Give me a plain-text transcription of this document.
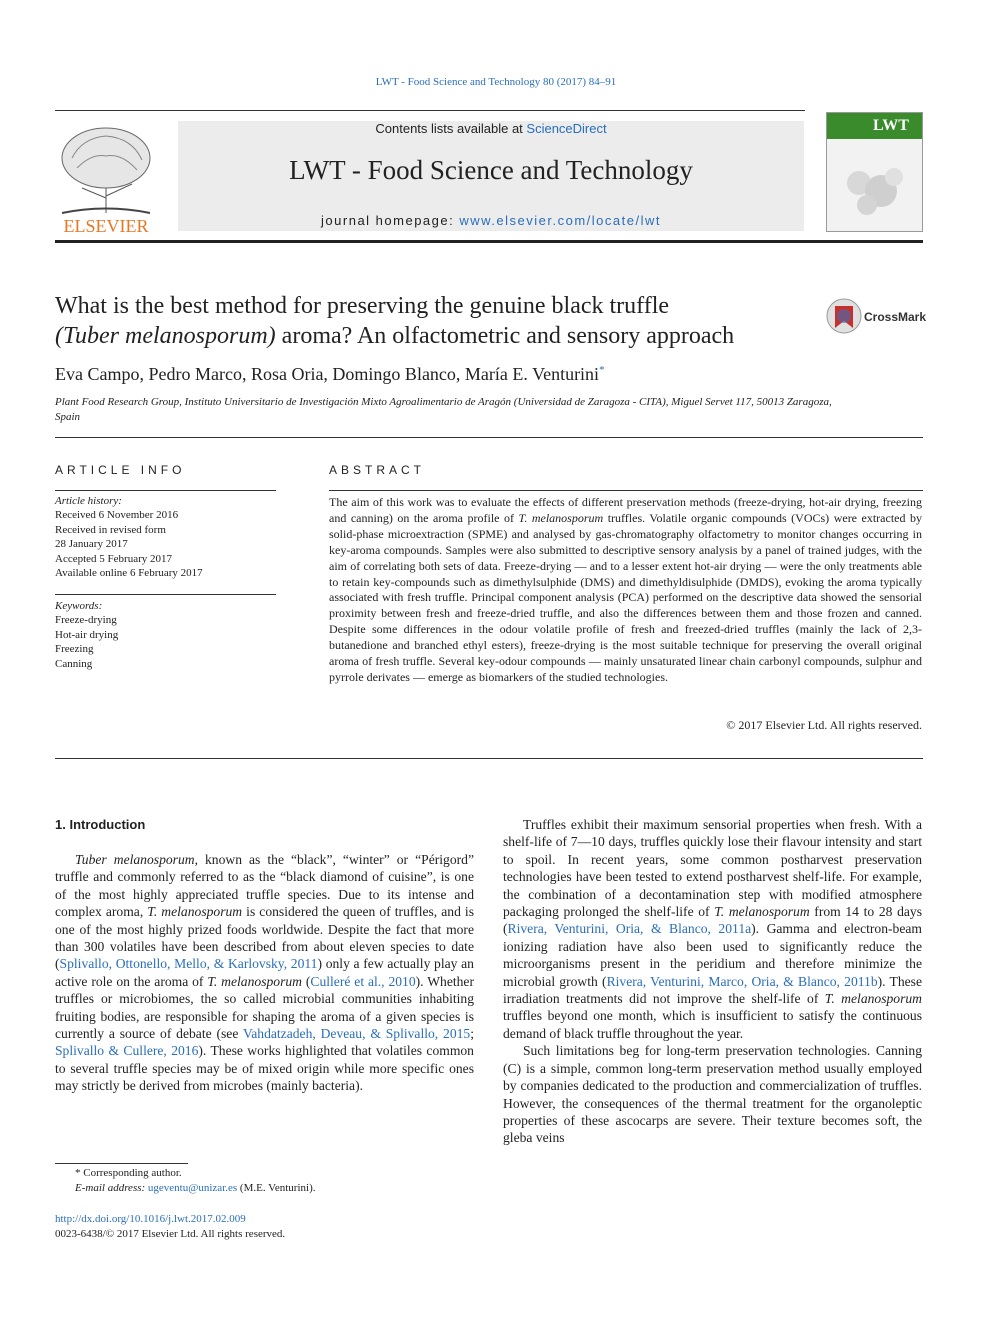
LWT - Food Science and Technology 80 (2017) 84–91
ELSEVIER
Contents lists available at ScienceDirect
LWT - Food Science and Technology
journal homepage: www.elsevier.com/locate/lwt
LWT
What is the best method for preserving the genuine black truffle
(Tuber melanosporum) aroma? An olfactometric and sensory approach
CrossMark
Eva Campo, Pedro Marco, Rosa Oria, Domingo Blanco, María E. Venturini*
Plant Food Research Group, Instituto Universitario de Investigación Mixto Agroalimentario de Aragón (Universidad de Zaragoza - CITA), Miguel Servet 117, 50013 Zaragoza, Spain
ARTICLE INFO
Article history:
Received 6 November 2016
Received in revised form
28 January 2017
Accepted 5 February 2017
Available online 6 February 2017
Keywords:
Freeze-drying
Hot-air drying
Freezing
Canning
ABSTRACT
The aim of this work was to evaluate the effects of different preservation methods (freeze-drying, hot-air drying, freezing and canning) on the aroma profile of T. melanosporum truffles. Volatile organic compounds (VOCs) were extracted by solid-phase microextraction (SPME) and analysed by gas-chromatography olfactometry to monitor changes occurring in key-aroma compounds. Samples were also submitted to descriptive sensory analysis by a panel of trained judges, with the aim of correlating both sets of data. Freeze-drying — and to a lesser extent hot-air drying — were the only treatments able to retain key-compounds such as dimethylsulphide (DMS) and dimethyldisulphide (DMDS), evoking the aroma typically associated with fresh truffle. Principal component analysis (PCA) performed on the descriptive data showed the sensorial proximity between fresh and freeze-dried truffle, and also the differences between them and those frozen and canned. Despite some differences in the odour volatile profile of fresh and freezed-dried truffles (mainly the lack of 2,3-butanedione and branched ethyl esters), freeze-drying is the most suitable technique for preserving the overall original aroma of fresh truffle. Several key-odour compounds — mainly unsaturated linear chain carbonyl compounds, sulphur and pyrrole derivates — emerge as biomarkers of the studied technologies.
© 2017 Elsevier Ltd. All rights reserved.
1. Introduction

Tuber melanosporum, known as the “black”, “winter” or “Périgord” truffle and commonly referred to as the “black diamond of cuisine”, is one of the most highly appreciated truffle species. Due to its intense and complex aroma, T. melanosporum is considered the queen of truffles, and is one of the most highly prized foods worldwide. Despite the fact that more than 300 volatiles have been described from about eleven species to date (Splivallo, Ottonello, Mello, & Karlovsky, 2011) only a few actually play an active role on the aroma of T. melanosporum (Culleré et al., 2010). Whether truffles or microbiomes, the so called microbial communities inhabiting fruiting bodies, are responsible for shaping the aroma of a given species is currently a source of debate (see Vahdatzadeh, Deveau, & Splivallo, 2015; Splivallo & Cullere, 2016). These works highlighted that volatiles common to several truffle species may be of mixed origin while more specific ones may strictly be derived from microbes (mainly bacteria).

Truffles exhibit their maximum sensorial properties when fresh. With a shelf-life of 7—10 days, truffles quickly lose their flavour intensity and start to spoil. In recent years, some common postharvest preservation technologies have been tested to extend postharvest shelf-life. For example, the combination of a decontamination step with modified atmosphere packaging prolonged the shelf-life of T. melanosporum from 14 to 28 days (Rivera, Venturini, Oria, & Blanco, 2011a). Gamma and electron-beam ionizing radiation have also been used to significantly reduce the microorganisms present in the peridium and therefore minimize the microbial growth (Rivera, Venturini, Marco, Oria, & Blanco, 2011b). These irradiation treatments did not improve the shelf-life of T. melanosporum truffles beyond one month, which is insufficient to satisfy the continuous demand of black truffle throughout the year.

Such limitations beg for long-term preservation technologies. Canning (C) is a simple, common long-term preservation method usually employed by companies dedicated to the production and commercialization of truffles. However, the consequences of the thermal treatment for the organoleptic properties of these ascocarps are severe. Their texture becomes soft, the gleba veins

* Corresponding author.
E-mail address: ugeventu@unizar.es (M.E. Venturini).
http://dx.doi.org/10.1016/j.lwt.2017.02.009
0023-6438/© 2017 Elsevier Ltd. All rights reserved.
